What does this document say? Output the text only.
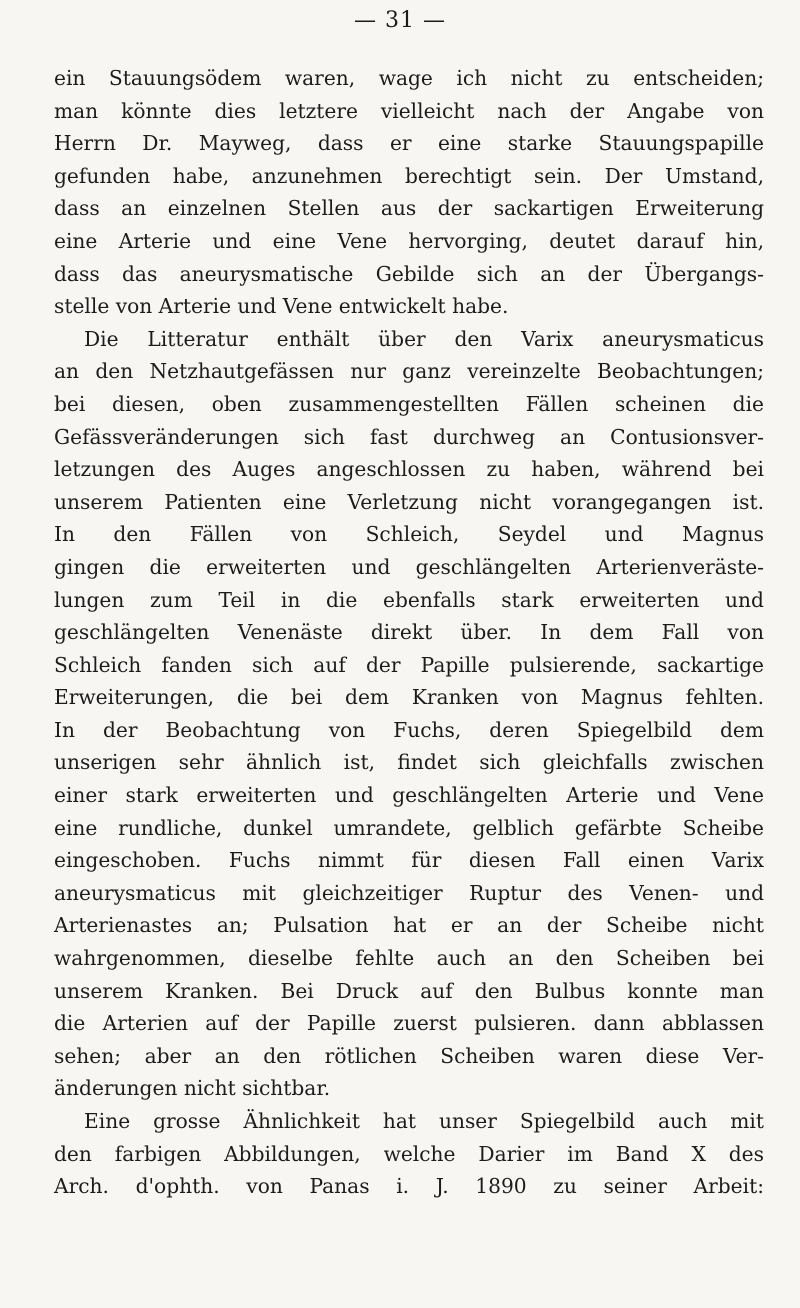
— 31 —
ein Stauungsödem waren, wage ich nicht zu entscheiden;
man könnte dies letztere vielleicht nach der Angabe von
Herrn Dr. Mayweg, dass er eine starke Stauungspapille
gefunden habe, anzunehmen berechtigt sein. Der Umstand,
dass an einzelnen Stellen aus der sackartigen Erweiterung
eine Arterie und eine Vene hervorging, deutet darauf hin,
dass das aneurysmatische Gebilde sich an der Übergangs-
stelle von Arterie und Vene entwickelt habe.
Die Litteratur enthält über den Varix aneurysmaticus
an den Netzhautgefässen nur ganz vereinzelte Beobachtungen;
bei diesen, oben zusammengestellten Fällen scheinen die
Gefässveränderungen sich fast durchweg an Contusionsver-
letzungen des Auges angeschlossen zu haben, während bei
unserem Patienten eine Verletzung nicht vorangegangen ist.
In den Fällen von Schleich, Seydel und Magnus
gingen die erweiterten und geschlängelten Arterienveräste-
lungen zum Teil in die ebenfalls stark erweiterten und
geschlängelten Venenäste direkt über. In dem Fall von
Schleich fanden sich auf der Papille pulsierende, sackartige
Erweiterungen, die bei dem Kranken von Magnus fehlten.
In der Beobachtung von Fuchs, deren Spiegelbild dem
unserigen sehr ähnlich ist, findet sich gleichfalls zwischen
einer stark erweiterten und geschlängelten Arterie und Vene
eine rundliche, dunkel umrandete, gelblich gefärbte Scheibe
eingeschoben. Fuchs nimmt für diesen Fall einen Varix
aneurysmaticus mit gleichzeitiger Ruptur des Venen- und
Arterienastes an; Pulsation hat er an der Scheibe nicht
wahrgenommen, dieselbe fehlte auch an den Scheiben bei
unserem Kranken. Bei Druck auf den Bulbus konnte man
die Arterien auf der Papille zuerst pulsieren. dann abblassen
sehen; aber an den rötlichen Scheiben waren diese Ver-
änderungen nicht sichtbar.
Eine grosse Ähnlichkeit hat unser Spiegelbild auch mit
den farbigen Abbildungen, welche Darier im Band X des
Arch. d'ophth. von Panas i. J. 1890 zu seiner Arbeit:
